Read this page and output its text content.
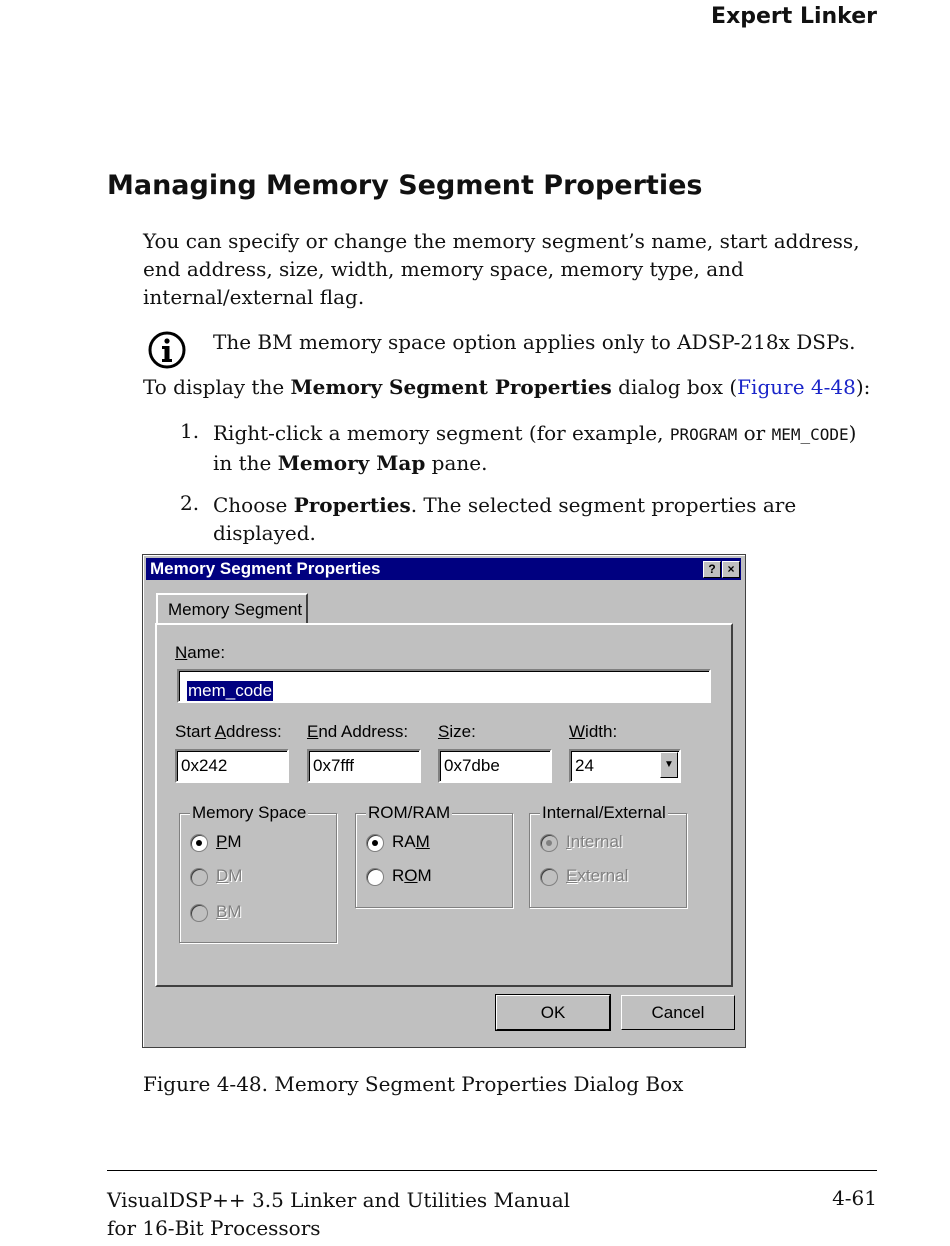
Expert Linker
Managing Memory Segment Properties
You can specify or change the memory segment’s name, start address, end address, size, width, memory space, memory type, and internal/external flag.
The BM memory space option applies only to ADSP-218x DSPs.
To display the Memory Segment Properties dialog box (Figure 4-48):
1. Right-click a memory segment (for example, PROGRAM or MEM_CODE)
in the Memory Map pane.
2. Choose Properties. The selected segment properties are displayed.
Memory Segment Properties	? ×
Memory Segment
Name:
mem_code
Start Address:
0x242
End Address:
0x7fff
Size:
0x7dbe
Width:
24	▼
Memory Space
PM
DM
BM
ROM/RAM
RAM
ROM
Internal/External
Internal
External
OK	Cancel
Figure 4-48. Memory Segment Properties Dialog Box
VisualDSP++ 3.5 Linker and Utilities Manual
for 16-Bit Processors
4-61
